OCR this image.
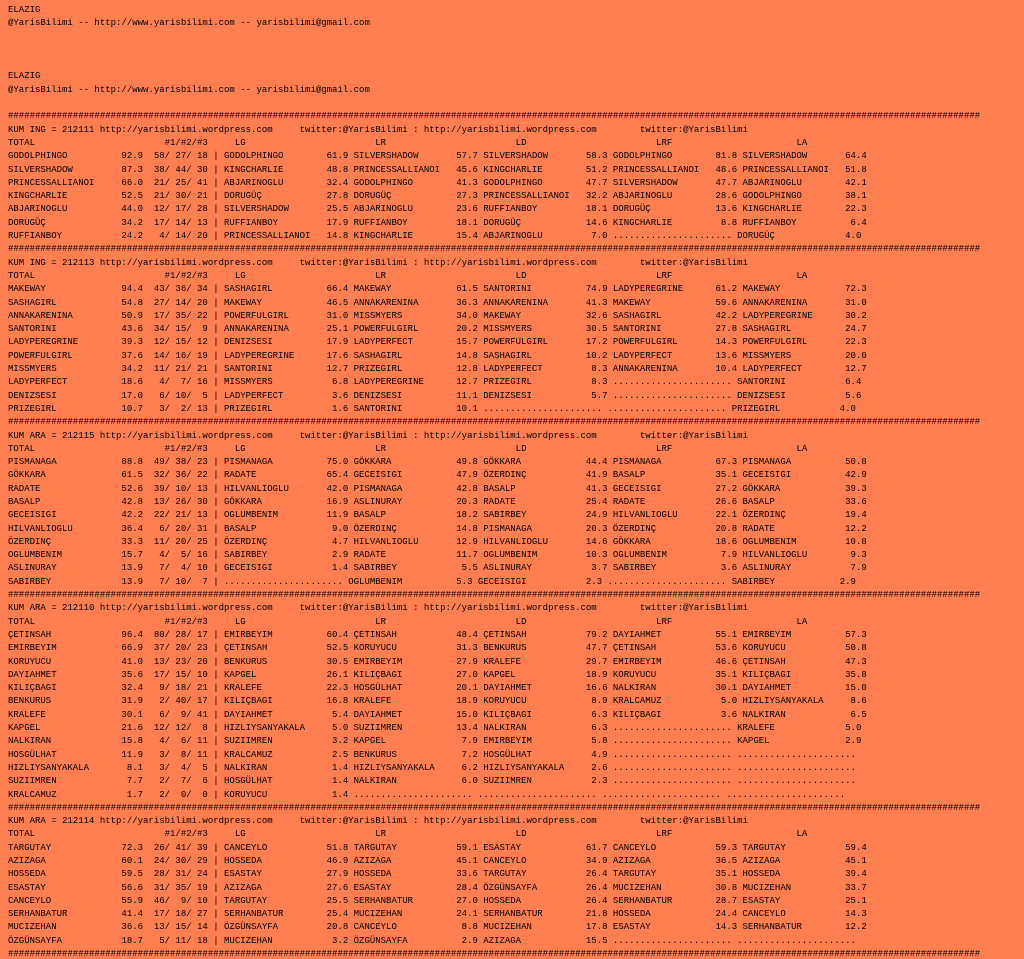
ELAZIG
@YarisBilimi -- http://www.yarisbilimi.com -- yarisbilimi@gmail.com

ELAZIG
@YarisBilimi -- http://www.yarisbilimi.com -- yarisbilimi@gmail.com

####################################################################################################################################################################################
KUM ING = 212111 http://yarisbilimi.wordpress.com     twitter:@YarisBilimi : http://yarisbilimi.wordpress.com        twitter:@YarisBilimi
TOTAL                        #1/#2/#3     LG                        LR                        LD                        LRF                       LA
GODOLPHINGO          92.9  58/ 27/ 18 | GODOLPHINGO        61.9 SILVERSHADOW       57.7 SILVERSHADOW       58.3 GODOLPHINGO        81.8 SILVERSHADOW       64.4
SILVERSHADOW         87.3  38/ 44/ 30 | KINGCHARLIE        48.8 PRINCESSALLIANOI   45.6 KINGCHARLIE        51.2 PRINCESSALLIANOI   48.6 PRINCESSALLIANOI   51.8
PRINCESSALLIANOI     66.0  21/ 25/ 41 | ABJARINOGLU        32.4 GODOLPHINGO        41.3 GODOLPHINGO        47.7 SILVERSHADOW       47.7 ABJARINOGLU        42.1
KINGCHARLIE          52.5  21/ 30/ 21 | DORUGÜÇ            27.8 DORUGÜÇ            27.3 PRINCESSALLIANOI   32.2 ABJARINOGLU        28.6 GODOLPHINGO        38.1
ABJARINOGLU          44.0  12/ 17/ 28 | SILVERSHADOW       25.5 ABJARINOGLU        23.6 RUFFIANBOY         18.1 DORUGÜÇ            13.6 KINGCHARLIE        22.3
DORUGÜÇ              34.2  17/ 14/ 13 | RUFFIANBOY         17.9 RUFFIANBOY         18.1 DORUGÜÇ            14.6 KINGCHARLIE         8.8 RUFFIANBOY          6.4
RUFFIANBOY           24.2   4/ 14/ 20 | PRINCESSALLIANOI   14.8 KINGCHARLIE        15.4 ABJARINOGLU         7.0 ...................... DORUGÜÇ             4.0
####################################################################################################################################################################################
KUM ING = 212113 http://yarisbilimi.wordpress.com     twitter:@YarisBilimi : http://yarisbilimi.wordpress.com        twitter:@YarisBilimi
TOTAL                        #1/#2/#3     LG                        LR                        LD                        LRF                       LA
MAKEWAY              94.4  43/ 36/ 34 | SASHAGIRL          66.4 MAKEWAY            61.5 SANTORINI          74.9 LADYPEREGRINE      61.2 MAKEWAY            72.3
SASHAGIRL            54.8  27/ 14/ 20 | MAKEWAY            46.5 ANNAKARENINA       36.3 ANNAKARENINA       41.3 MAKEWAY            59.6 ANNAKARENINA       31.0
ANNAKARENINA         50.9  17/ 35/ 22 | POWERFULGIRL       31.0 MISSMYERS          34.0 MAKEWAY            32.6 SASHAGIRL          42.2 LADYPEREGRINE      30.2
SANTORINI            43.6  34/ 15/  9 | ANNAKARENINA       25.1 POWERFULGIRL       20.2 MISSMYERS          30.5 SANTORINI          27.8 SASHAGIRL          24.7
LADYPEREGRINE        39.3  12/ 15/ 12 | DENIZSESI          17.9 LADYPERFECT        15.7 POWERFULGIRL       17.2 POWERFULGIRL       14.3 POWERFULGIRL       22.3
POWERFULGIRL         37.6  14/ 16/ 19 | LADYPEREGRINE      17.6 SASHAGIRL          14.8 SASHAGIRL          10.2 LADYPERFECT        13.6 MISSMYERS          20.0
MISSMYERS            34.2  11/ 21/ 21 | SANTORINI          12.7 PRIZEGIRL          12.8 LADYPERFECT         8.3 ANNAKARENINA       10.4 LADYPERFECT        12.7
LADYPERFECT          18.6   4/  7/ 16 | MISSMYERS           6.8 LADYPEREGRINE      12.7 PRIZEGIRL           8.3 ...................... SANTORINI           6.4
DENIZSESI            17.0   6/ 10/  5 | LADYPERFECT         3.6 DENIZSESI          11.1 DENIZSESI           5.7 ...................... DENIZSESI           5.6
PRIZEGIRL            10.7   3/  2/ 13 | PRIZEGIRL           1.6 SANTORINI          10.1 ...................... ...................... PRIZEGIRL           4.0
####################################################################################################################################################################################
KUM ARA = 212115 http://yarisbilimi.wordpress.com     twitter:@YarisBilimi : http://yarisbilimi.wordpress.com        twitter:@YarisBilimi
TOTAL                        #1/#2/#3     LG                        LR                        LD                        LRF                       LA
PISMANAGA            88.8  49/ 38/ 23 | PISMANAGA          75.0 GÖKKARA            49.8 GÖKKARA            44.4 PISMANAGA          67.3 PISMANAGA          50.8
GÖKKARA              61.5  32/ 36/ 22 | RADATE             65.4 GECEISIGI          47.9 ÖZERDINÇ           41.9 BASALP             35.1 GECEISIGI          42.9
RADATE               52.6  39/ 10/ 13 | HILVANLIOGLU       42.0 PISMANAGA          42.8 BASALP             41.3 GECEISIGI          27.2 GÖKKARA            39.3
BASALP               42.8  13/ 26/ 30 | GÖKKARA            16.9 ASLINURAY          20.3 RADATE             25.4 RADATE             26.6 BASALP             33.6
GECEISIGI            42.2  22/ 21/ 13 | OGLUMBENIM         11.9 BASALP             18.2 SABIRBEY           24.9 HILVANLIOGLU       22.1 ÖZERDINÇ           19.4
HILVANLIOGLU         36.4   6/ 20/ 31 | BASALP              9.0 ÖZERDINÇ           14.8 PISMANAGA          20.3 ÖZERDINÇ           20.8 RADATE             12.2
ÖZERDINÇ             33.3  11/ 20/ 25 | ÖZERDINÇ            4.7 HILVANLIOGLU       12.9 HILVANLIOGLU       14.6 GÖKKARA            18.6 OGLUMBENIM         10.8
OGLUMBENIM           15.7   4/  5/ 16 | SABIRBEY            2.9 RADATE             11.7 OGLUMBENIM         10.3 OGLUMBENIM          7.9 HILVANLIOGLU        9.3
ASLINURAY            13.9   7/  4/ 10 | GECEISIGI           1.4 SABIRBEY            5.5 ASLINURAY           3.7 SABIRBEY            3.6 ASLINURAY           7.9
SABIRBEY             13.9   7/ 10/  7 | ...................... OGLUMBENIM          5.3 GECEISIGI           2.3 ...................... SABIRBEY            2.9
####################################################################################################################################################################################
KUM ARA = 212110 http://yarisbilimi.wordpress.com     twitter:@YarisBilimi : http://yarisbilimi.wordpress.com        twitter:@YarisBilimi
TOTAL                        #1/#2/#3     LG                        LR                        LD                        LRF                       LA
ÇETINSAH             96.4  80/ 28/ 17 | EMIRBEYIM          60.4 ÇETINSAH           48.4 ÇETINSAH           79.2 DAYIAHMET          55.1 EMIRBEYIM          57.3
EMIRBEYIM            66.9  37/ 20/ 23 | ÇETINSAH           52.5 KORUYUCU           31.3 BENKURUS           47.7 ÇETINSAH           53.6 KORUYUCU           50.8
KORUYUCU             41.0  13/ 23/ 20 | BENKURUS           30.5 EMIRBEYIM          27.9 KRALEFE            29.7 EMIRBEYIM          46.6 ÇETINSAH           47.3
DAYIAHMET            35.6  17/ 15/ 10 | KAPGEL             26.1 KILIÇBAGI          27.0 KAPGEL             18.9 KORUYUCU           35.1 KILIÇBAGI          35.8
KILIÇBAGI            32.4   9/ 18/ 21 | KRALEFE            22.3 HOSGÜLHAT          20.1 DAYIAHMET          16.6 NALKIRAN           30.1 DAYIAHMET          15.0
BENKURUS             31.9   2/ 40/ 17 | KILIÇBAGI          16.8 KRALEFE            18.9 KORUYUCU            8.9 KRALCAMUZ           5.0 HIZLIYSANYAKALA     8.6
KRALEFE              30.1   6/  9/ 41 | DAYIAHMET           5.4 DAYIAHMET          15.0 KILIÇBAGI           6.3 KILIÇBAGI           3.6 NALKIRAN            6.5
KAPGEL               21.6  12/ 12/  8 | HIZLIYSANYAKALA     5.0 SUZIIMREN          13.4 NALKIRAN            6.3 ...................... KRALEFE             5.0
NALKIRAN             15.8   4/  6/ 11 | SUZIIMREN           3.2 KAPGEL              7.9 EMIRBEYIM           5.8 ...................... KAPGEL              2.9
HOSGÜLHAT            11.9   3/  8/ 11 | KRALCAMUZ           2.5 BENKURUS            7.2 HOSGÜLHAT           4.9 ...................... ......................
HIZLIYSANYAKALA       8.1   3/  4/  5 | NALKIRAN            1.4 HIZLIYSANYAKALA     6.2 HIZLIYSANYAKALA     2.6 ...................... ......................
SUZIIMREN             7.7   2/  7/  6 | HOSGÜLHAT           1.4 NALKIRAN            6.0 SUZIIMREN           2.3 ...................... ......................
KRALCAMUZ             1.7   2/  0/  0 | KORUYUCU            1.4 ...................... ...................... ...................... ......................
####################################################################################################################################################################################
KUM ARA = 212114 http://yarisbilimi.wordpress.com     twitter:@YarisBilimi : http://yarisbilimi.wordpress.com        twitter:@YarisBilimi
TOTAL                        #1/#2/#3     LG                        LR                        LD                        LRF                       LA
TARGUTAY             72.3  26/ 41/ 39 | CANCEYLO           51.8 TARGUTAY           59.1 ESASTAY            61.7 CANCEYLO           59.3 TARGUTAY           59.4
AZIZAGA              60.1  24/ 30/ 29 | HOSSEDA            46.9 AZIZAGA            45.1 CANCEYLO           34.9 AZIZAGA            36.5 AZIZAGA            45.1
HOSSEDA              59.5  28/ 31/ 24 | ESASTAY            27.9 HOSSEDA            33.6 TARGUTAY           26.4 TARGUTAY           35.1 HOSSEDA            39.4
ESASTAY              56.6  31/ 35/ 19 | AZIZAGA            27.6 ESASTAY            28.4 ÖZGÜNSAYFA         26.4 MUCIZEHAN          30.8 MUCIZEHAN          33.7
CANCEYLO             55.9  46/  9/ 10 | TARGUTAY           25.5 SERHANBATUR        27.0 HOSSEDA            26.4 SERHANBATUR        28.7 ESASTAY            25.1
SERHANBATUR          41.4  17/ 18/ 27 | SERHANBATUR        25.4 MUCIZEHAN          24.1 SERHANBATUR        21.8 HOSSEDA            24.4 CANCEYLO           14.3
MUCIZEHAN            36.6  13/ 15/ 14 | ÖZGÜNSAYFA         20.8 CANCEYLO            8.8 MUCIZEHAN          17.8 ESASTAY            14.3 SERHANBATUR        12.2
ÖZGÜNSAYFA           18.7   5/ 11/ 18 | MUCIZEHAN           3.2 ÖZGÜNSAYFA          2.9 AZIZAGA            15.5 ...................... ......................
####################################################################################################################################################################################
